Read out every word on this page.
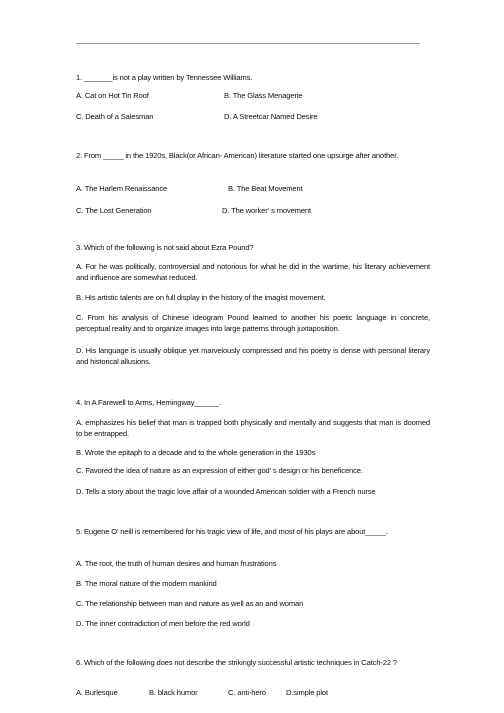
1. _______is not a play written by Tennessee Williams.
A. Cat on Hot Tin Roof	B. The Glass Menagerie
C. Death of a Salesman	D. A Streetcar Named Desire
2. From _____ in the 1920s, Black(or African- American) literature started one upsurge after another.
A. The Harlem Renaissance	B. The Beat Movement
C. The Lost Generation	D. The worker’ s movement
3. Which of the following is not said about Ezra Pound?
A. For he was politically, controversial and notorious for what he did in the wartime, his literary achievement and influence are somewhat reduced.
B. His artistic talents are on full display in the history of the imagist movement.
C. From his analysis of Chinese ideogram Pound learned to another his poetic language in concrete, perceptual reality and to organize images into large patterns through juxtaposition.
D. His language is usually oblique yet marvelously compressed and his poetry is dense with personal literary and historical allusions.
4. In A Farewell to Arms, Hemingway______.
A. emphasizes his belief that man is trapped both physically and mentally and suggests that man is doomed to be entrapped.
B. Wrote the epitaph to a decade and to the whole generation in the 1930s
C. Favored the idea of nature as an expression of either god’ s design or his beneficence.
D. Tells a story about the tragic love affair of a wounded American soldier with a French nurse
5. Eugene O’ neill is remembered for his tragic view of life, and most of his plays are about_____.
A. The root, the truth of human desires and human frustrations
B. The moral nature of the modern mankind
C. The relationship between man and nature as well as an and woman
D. The inner contradiction of men before the red world
6. Which of the following does not describe the strikingly successful artistic techniques in Catch-22 ?
A. Burlesque	B. black humor	C. anti-hero	D.simple plot
